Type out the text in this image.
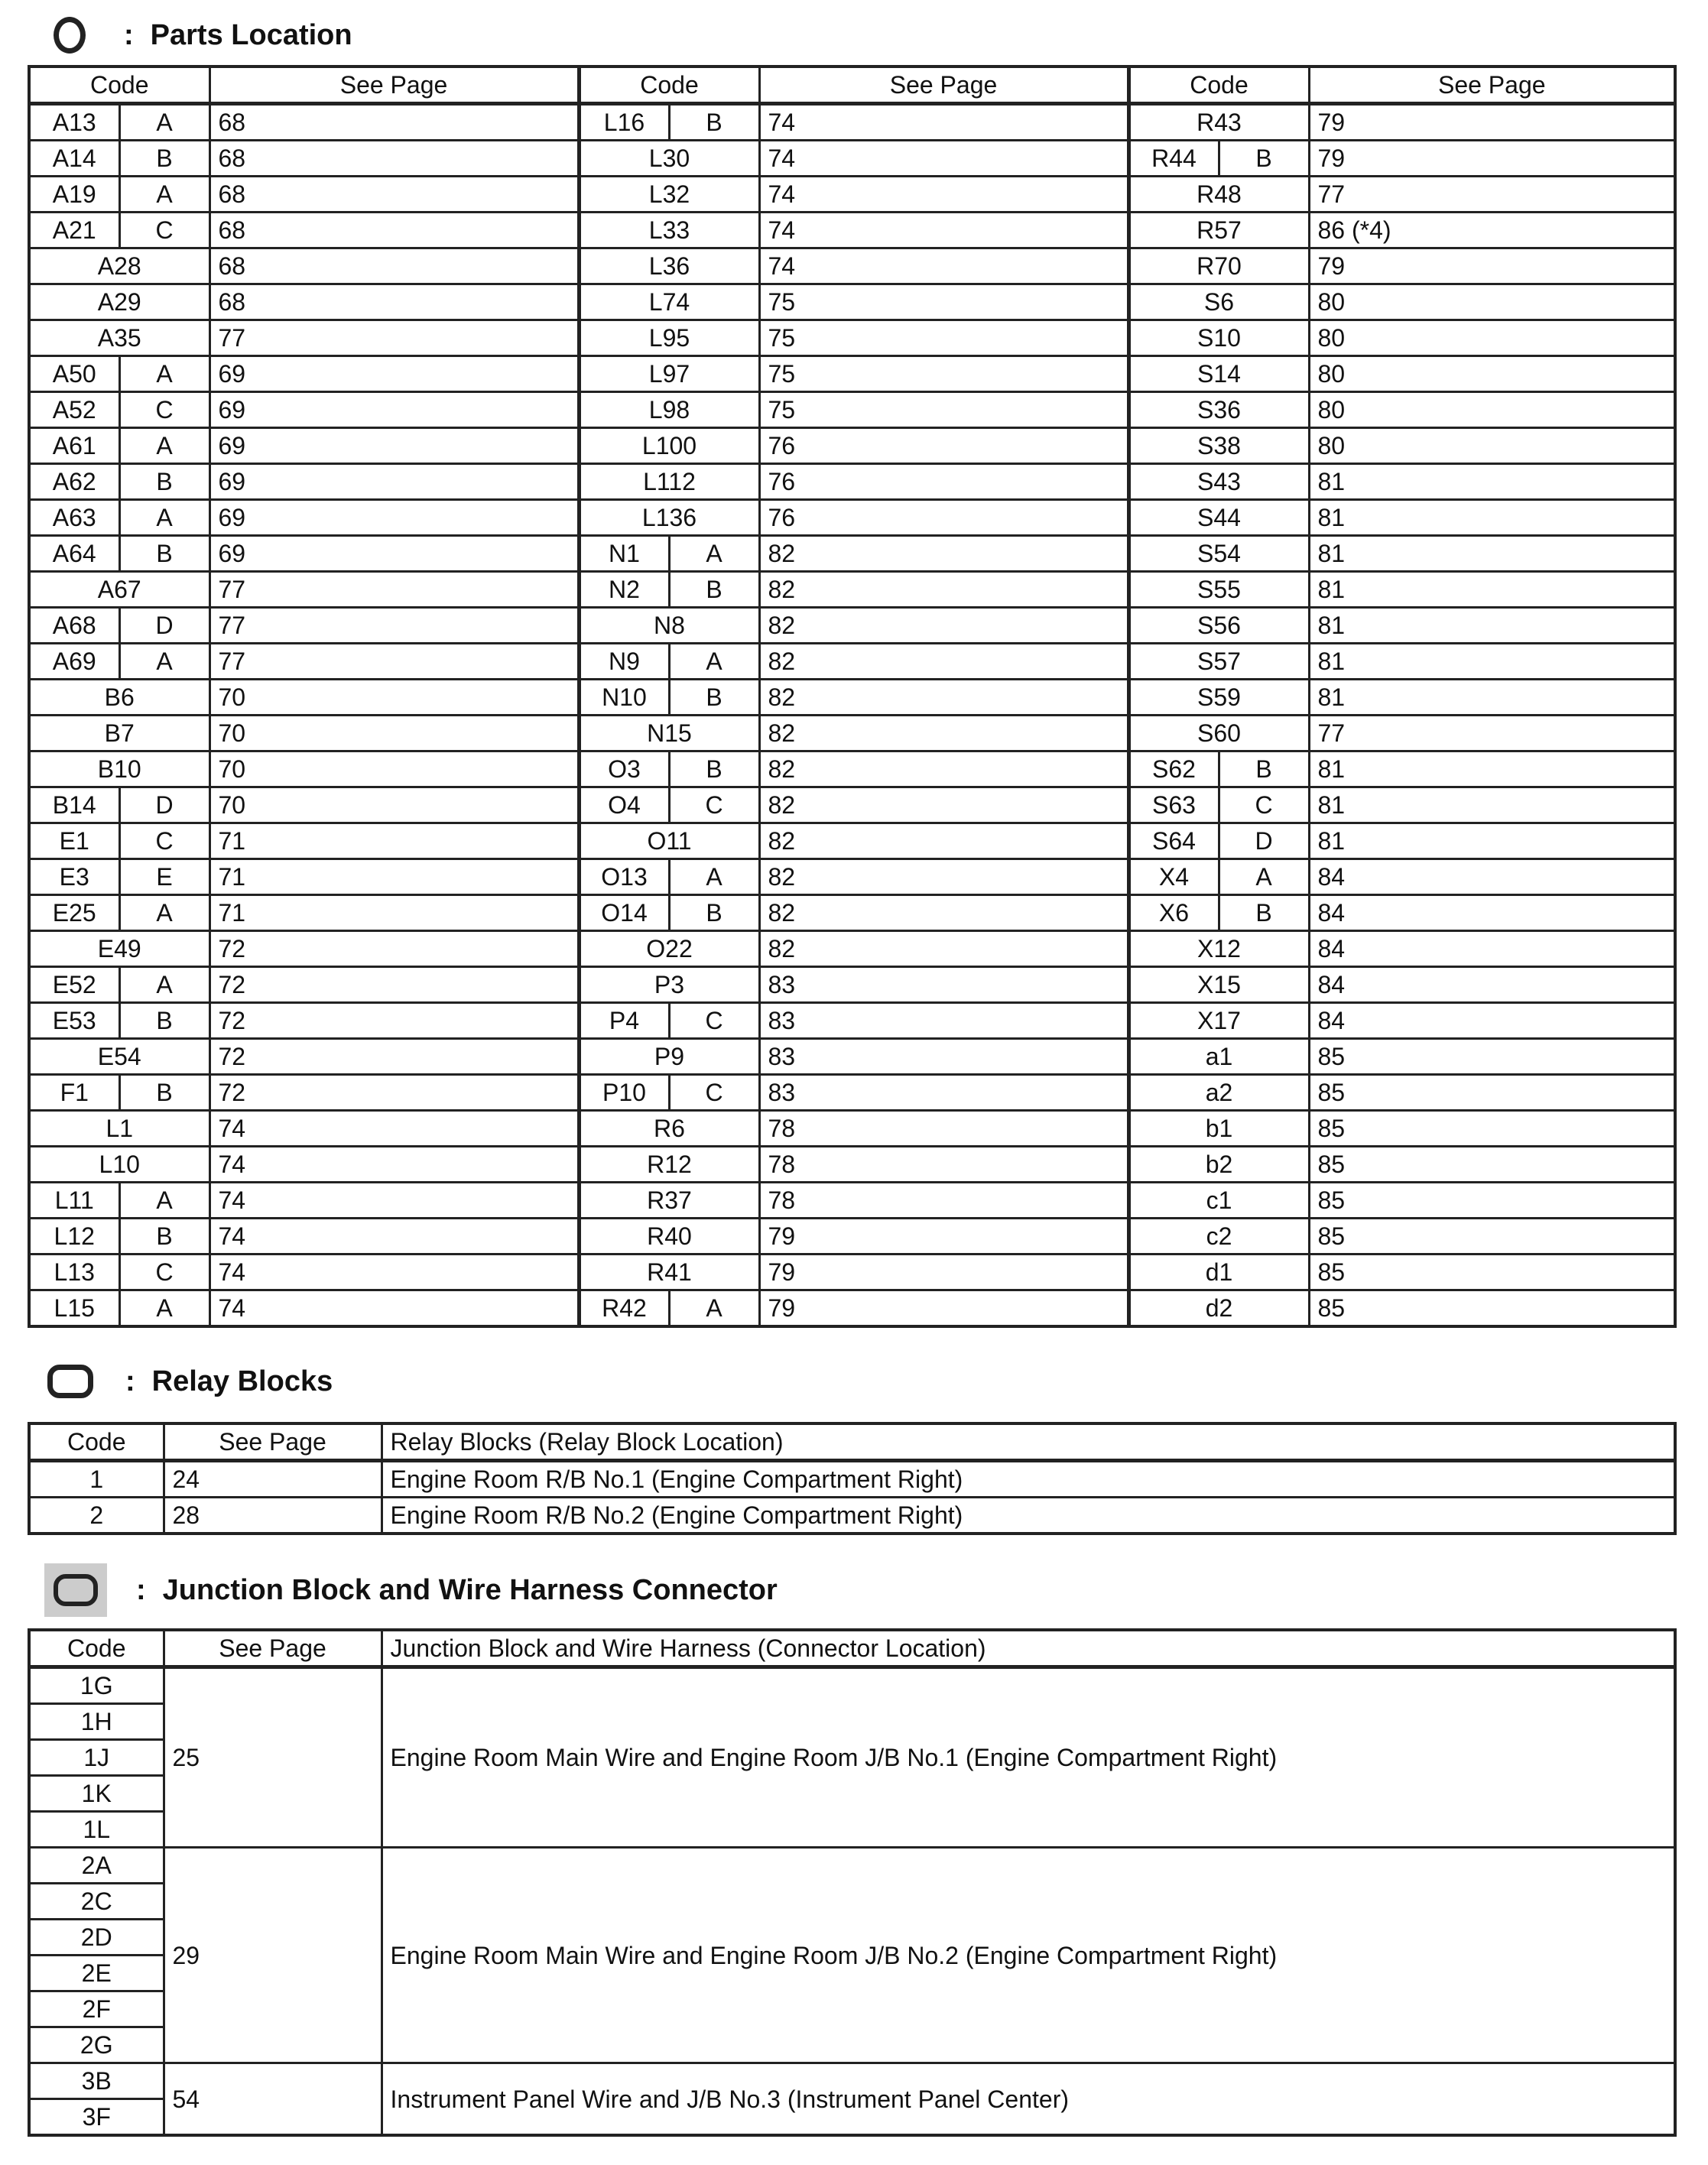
: Parts Location
Code		See Page	Code		See Page	Code		See Page
A13	A	68	L16	B	74	R43		79
A14	B	68	L30		74	R44	B	79
A19	A	68	L32		74	R48		77
A21	C	68	L33		74	R57		86 (*4)
A28		68	L36		74	R70		79
A29		68	L74		75	S6		80
A35		77	L95		75	S10		80
A50	A	69	L97		75	S14		80
A52	C	69	L98		75	S36		80
A61	A	69	L100		76	S38		80
A62	B	69	L112		76	S43		81
A63	A	69	L136		76	S44		81
A64	B	69	N1	A	82	S54		81
A67		77	N2	B	82	S55		81
A68	D	77	N8		82	S56		81
A69	A	77	N9	A	82	S57		81
B6		70	N10	B	82	S59		81
B7		70	N15		82	S60		77
B10		70	O3	B	82	S62	B	81
B14	D	70	O4	C	82	S63	C	81
E1	C	71	O11		82	S64	D	81
E3	E	71	O13	A	82	X4	A	84
E25	A	71	O14	B	82	X6	B	84
E49		72	O22		82	X12		84
E52	A	72	P3		83	X15		84
E53	B	72	P4	C	83	X17		84
E54		72	P9		83	a1		85
F1	B	72	P10	C	83	a2		85
L1		74	R6		78	b1		85
L10		74	R12		78	b2		85
L11	A	74	R37		78	c1		85
L12	B	74	R40		79	c2		85
L13	C	74	R41		79	d1		85
L15	A	74	R42	A	79	d2		85
: Relay Blocks
Code	See Page	Relay Blocks (Relay Block Location)
1	24	Engine Room R/B No.1 (Engine Compartment Right)
2	28	Engine Room R/B No.2 (Engine Compartment Right)
: Junction Block and Wire Harness Connector
Code	See Page	Junction Block and Wire Harness (Connector Location)
1G	25	Engine Room Main Wire and Engine Room J/B No.1 (Engine Compartment Right)
1H		
1J		
1K		
1L		
2A	29	Engine Room Main Wire and Engine Room J/B No.2 (Engine Compartment Right)
2C		
2D		
2E		
2F		
2G		
3B	54	Instrument Panel Wire and J/B No.3 (Instrument Panel Center)
3F		
